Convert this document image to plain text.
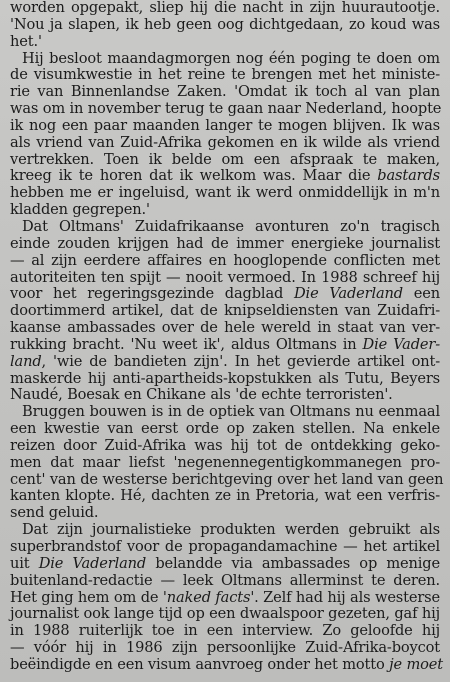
worden opgepakt, sliep hij die nacht in zijn huurautootje.
'Nou ja slapen, ik heb geen oog dichtgedaan, zo koud was
het.'
Hij besloot maandagmorgen nog één poging te doen om
de visumkwestie in het reine te brengen met het ministe-
rie van Binnenlandse Zaken. 'Omdat ik toch al van plan
was om in november terug te gaan naar Nederland, hoopte
ik nog een paar maanden langer te mogen blijven. Ik was
als vriend van Zuid-Afrika gekomen en ik wilde als vriend
vertrekken. Toen ik belde om een afspraak te maken,
kreeg ik te horen dat ik welkom was. Maar die bastards
hebben me er ingeluisd, want ik werd onmiddellijk in m'n
kladden gegrepen.'
Dat Oltmans' Zuidafrikaanse avonturen zo'n tragisch
einde zouden krijgen had de immer energieke journalist
— al zijn eerdere affaires en hooglopende conflicten met
autoriteiten ten spijt — nooit vermoed. In 1988 schreef hij
voor het regeringsgezinde dagblad Die Vaderland een
doortimmerd artikel, dat de knipseldiensten van Zuidafri-
kaanse ambassades over de hele wereld in staat van ver-
rukking bracht. 'Nu weet ik', aldus Oltmans in Die Vader-
land, 'wie de bandieten zijn'. In het gevierde artikel ont-
maskerde hij anti-apartheids-kopstukken als Tutu, Beyers
Naudé, Boesak en Chikane als 'de echte terroristen'.
Bruggen bouwen is in de optiek van Oltmans nu eenmaal
een kwestie van eerst orde op zaken stellen. Na enkele
reizen door Zuid-Afrika was hij tot de ontdekking geko-
men dat maar liefst 'negenennegentigkommanegen pro-
cent' van de westerse berichtgeving over het land van geen
kanten klopte. Hé, dachten ze in Pretoria, wat een verfris-
send geluid.
Dat zijn journalistieke produkten werden gebruikt als
superbrandstof voor de propagandamachine — het artikel
uit Die Vaderland belandde via ambassades op menige
buitenland-redactie — leek Oltmans allerminst te deren.
Het ging hem om de 'naked facts'. Zelf had hij als westerse
journalist ook lange tijd op een dwaalspoor gezeten, gaf hij
in 1988 ruiterlijk toe in een interview. Zo geloofde hij
— vóór hij in 1986 zijn persoonlijke Zuid-Afrika-boycot
beëindigde en een visum aanvroeg onder het motto je moet
